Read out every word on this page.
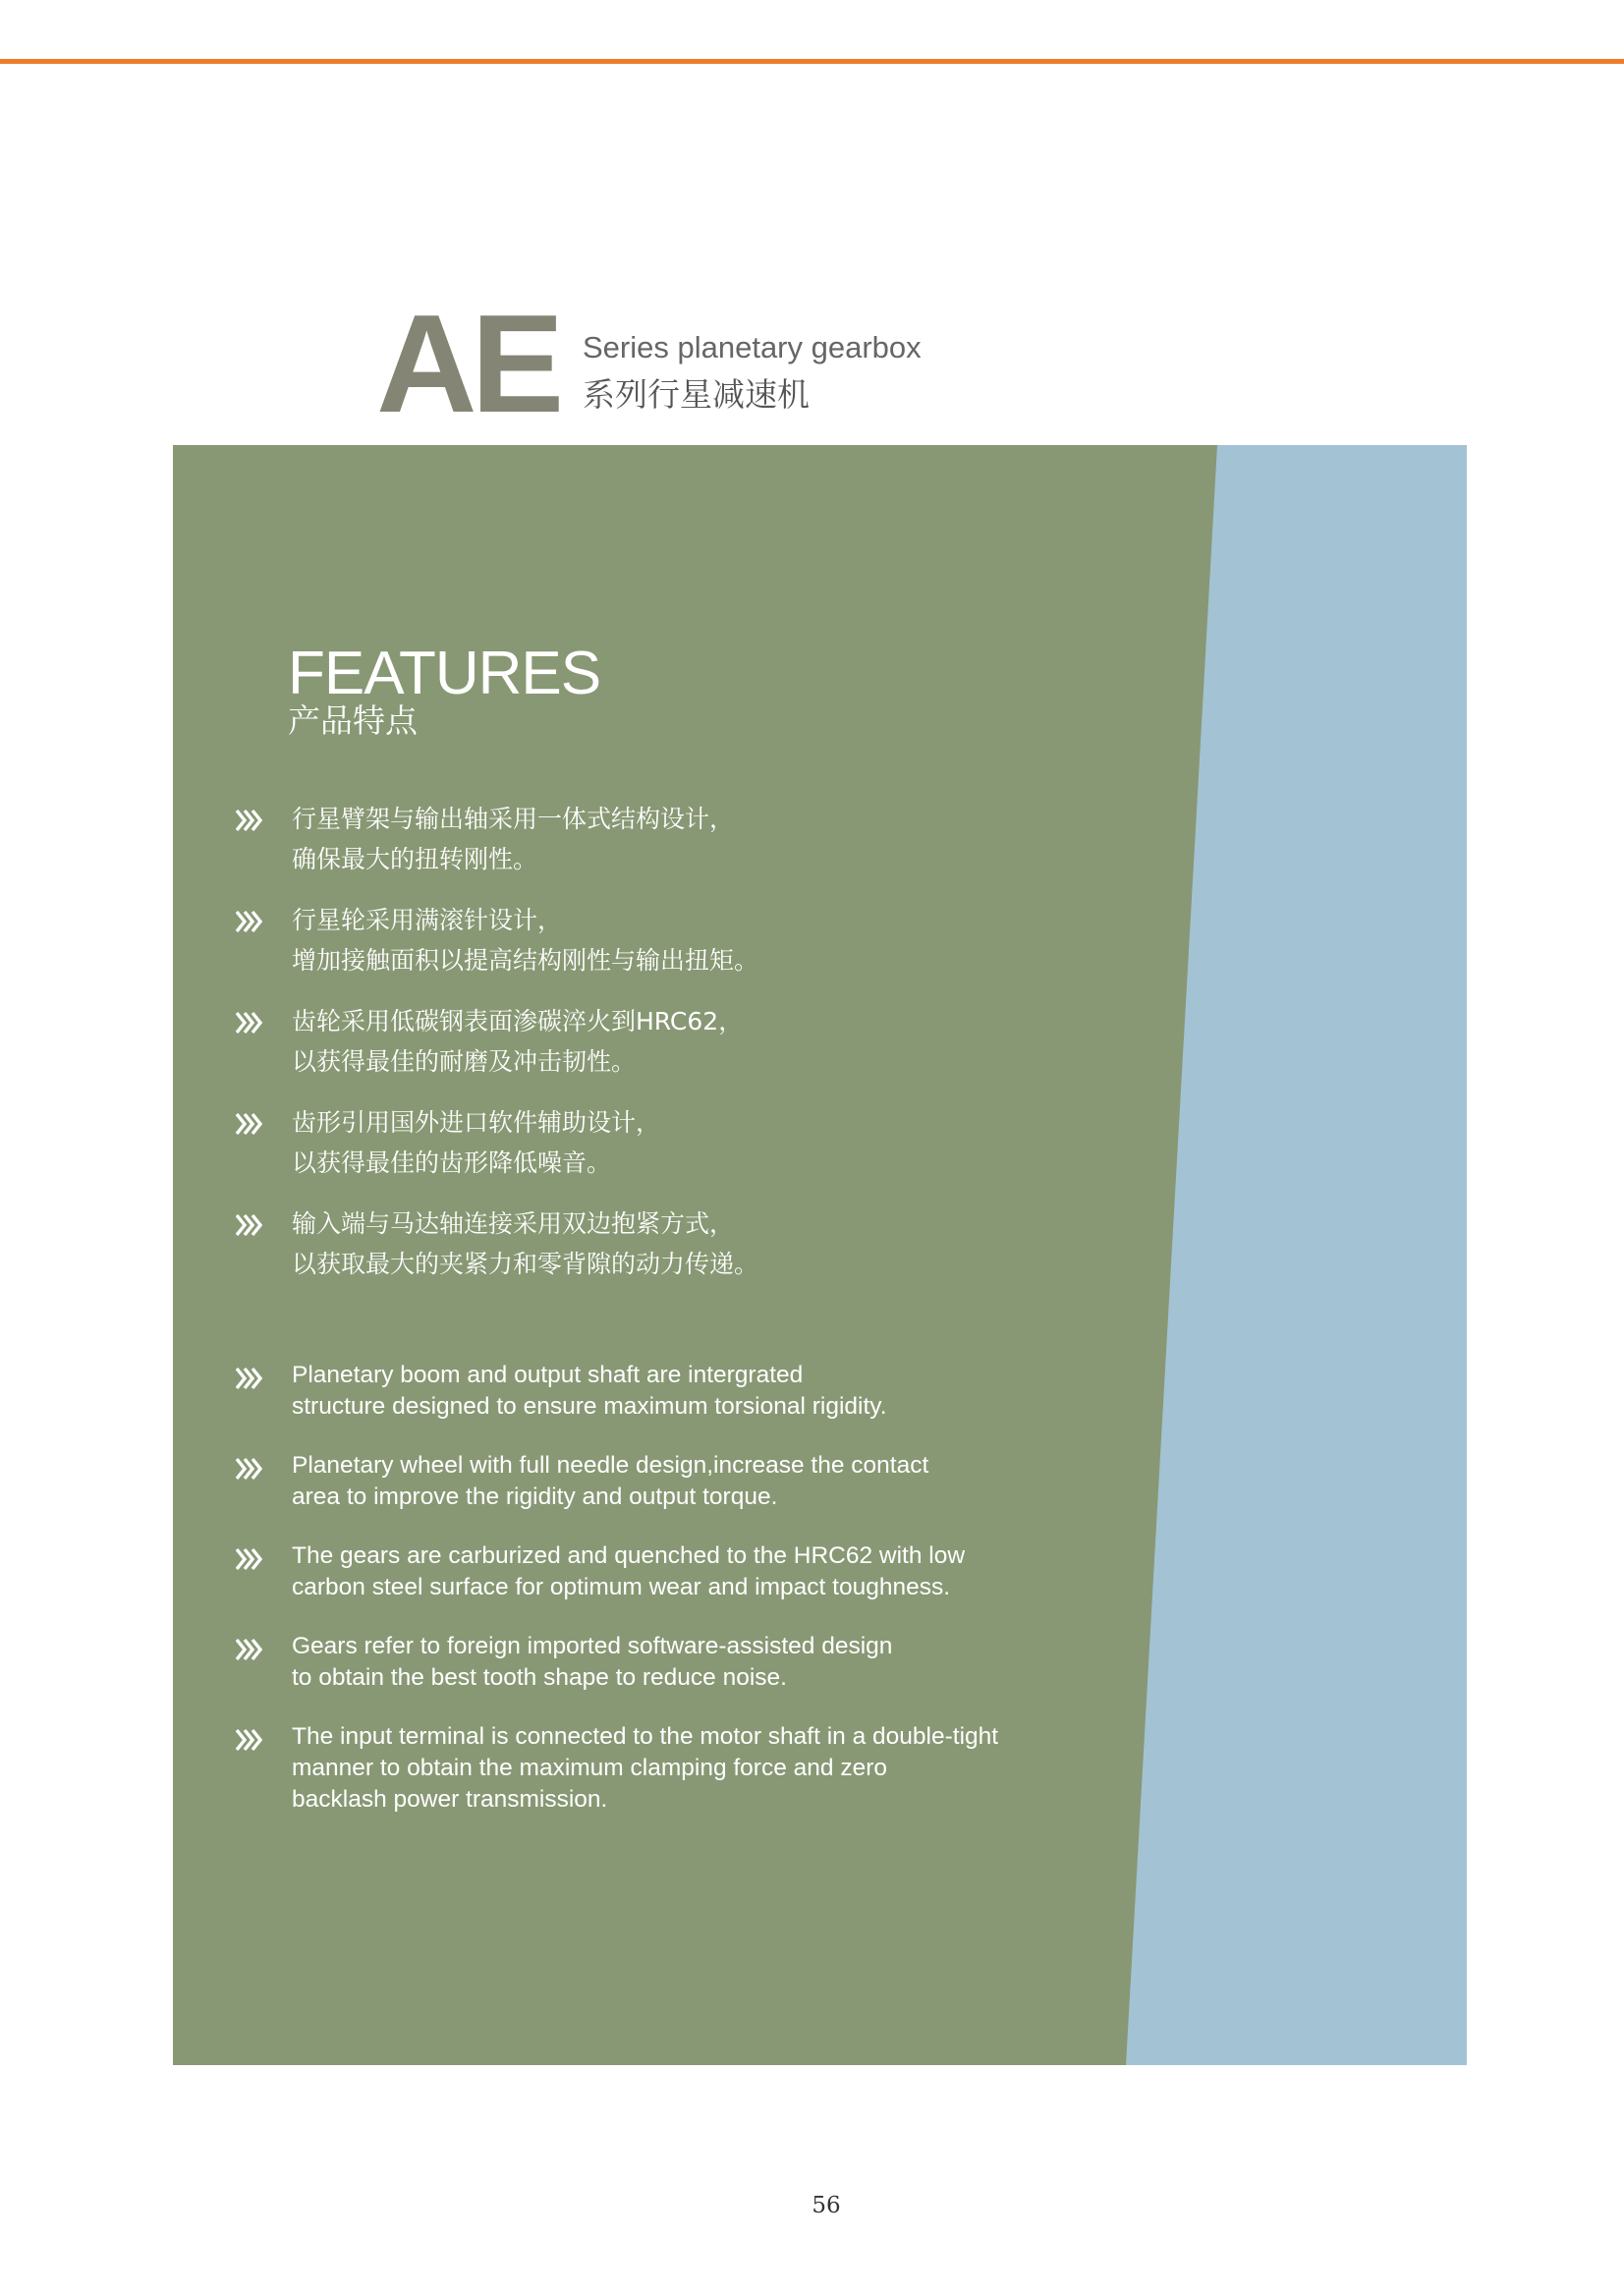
AE Series planetary gearbox
系列行星减速机
FEATURES
产品特点
行星臂架与输出轴采用一体式结构设计，
确保最大的扭转刚性。
行星轮采用满滚针设计，
增加接触面积以提高结构刚性与输出扭矩。
齿轮采用低碳钢表面渗碳淬火到HRC62，
以获得最佳的耐磨及冲击韧性。
齿形引用国外进口软件辅助设计，
以获得最佳的齿形降低噪音。
输入端与马达轴连接采用双边抱紧方式，
以获取最大的夹紧力和零背隙的动力传递。
Planetary boom and output shaft are intergrated
structure designed to ensure maximum torsional rigidity.
Planetary wheel with full needle design,increase the contact
area to improve the rigidity and output torque.
The gears are carburized and quenched to the HRC62 with low
carbon steel surface for optimum wear and impact toughness.
Gears refer to foreign imported software-assisted design
to obtain the best tooth shape to reduce noise.
The input terminal is connected to the motor shaft in a double-tight
manner to obtain the maximum clamping force and zero
backlash power transmission.
56
